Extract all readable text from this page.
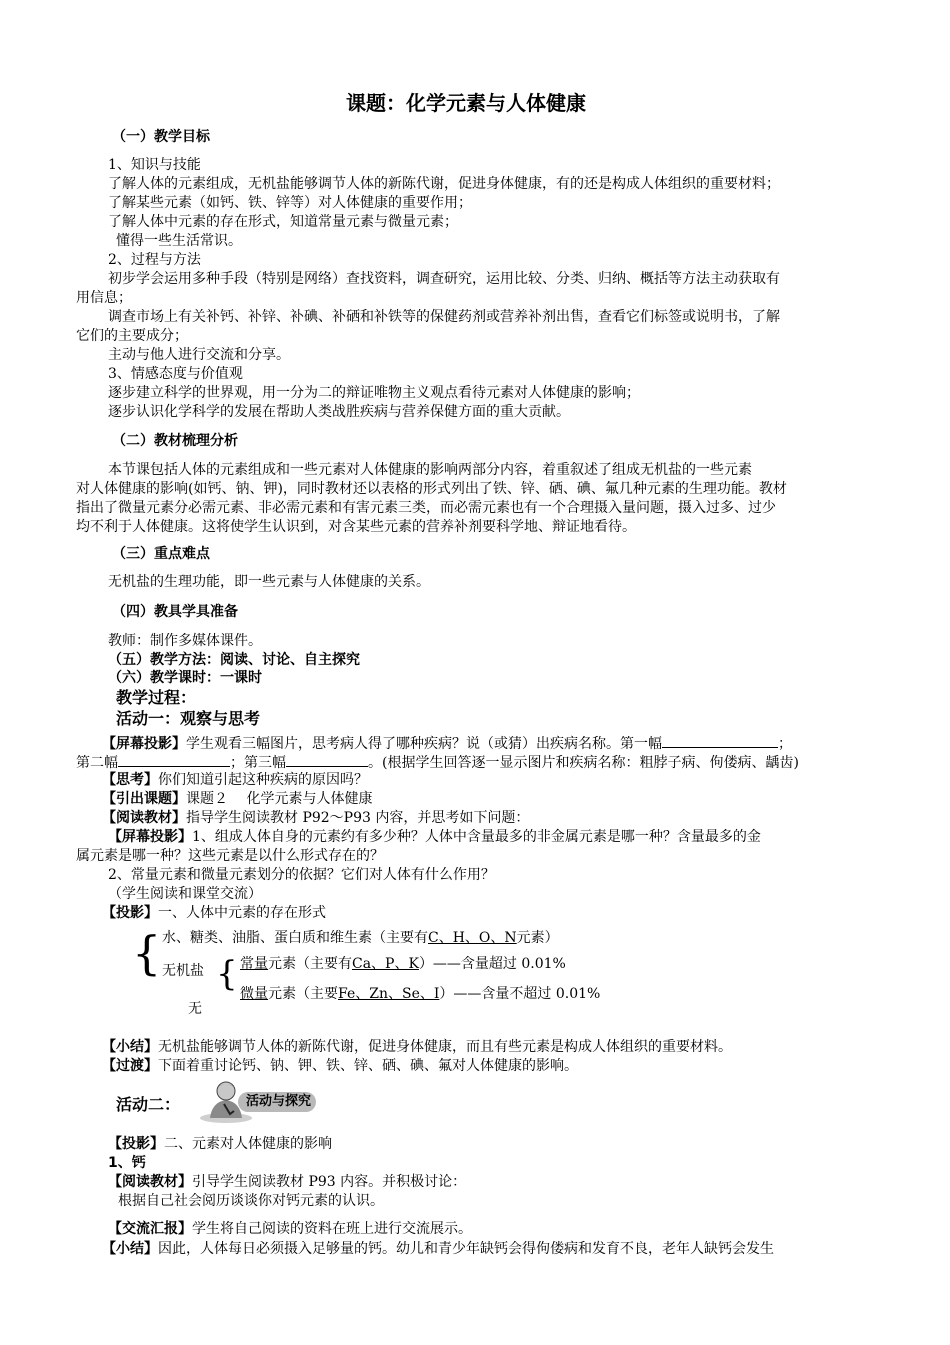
课题：化学元素与人体健康
（一）教学目标
1、知识与技能
了解人体的元素组成，无机盐能够调节人体的新陈代谢，促进身体健康，有的还是构成人体组织的重要材料；
了解某些元素（如钙、铁、锌等）对人体健康的重要作用；
了解人体中元素的存在形式，知道常量元素与微量元素；
懂得一些生活常识。
2、过程与方法
初步学会运用多种手段（特别是网络）查找资料，调查研究，运用比较、分类、归纳、概括等方法主动获取有
用信息；
调查市场上有关补钙、补锌、补碘、补硒和补铁等的保健药剂或营养补剂出售，查看它们标签或说明书，了解
它们的主要成分；
主动与他人进行交流和分享。
3、情感态度与价值观
逐步建立科学的世界观，用一分为二的辩证唯物主义观点看待元素对人体健康的影响；
逐步认识化学科学的发展在帮助人类战胜疾病与营养保健方面的重大贡献。
（二）教材梳理分析
本节课包括人体的元素组成和一些元素对人体健康的影响两部分内容，着重叙述了组成无机盐的一些元素
对人体健康的影响(如钙、钠、钾)，同时教材还以表格的形式列出了铁、锌、硒、碘、氟几种元素的生理功能。教材
指出了微量元素分必需元素、非必需元素和有害元素三类，而必需元素也有一个合理摄入量问题，摄入过多、过少
均不利于人体健康。这将使学生认识到，对含某些元素的营养补剂要科学地、辩证地看待。
（三）重点难点
无机盐的生理功能，即一些元素与人体健康的关系。
（四）教具学具准备
教师：制作多媒体课件。
（五）教学方法：阅读、讨论、自主探究
（六）教学课时：一课时
教学过程：
活动一：观察与思考
【屏幕投影】学生观看三幅图片，思考病人得了哪种疾病？说（或猜）出疾病名称。第一幅	；
第二幅	；第三幅	。(根据学生回答逐一显示图片和疾病名称：粗脖子病、佝偻病、龋齿)
【思考】你们知道引起这种疾病的原因吗？
【引出课题】课题２　 化学元素与人体健康
【阅读教材】指导学生阅读教材 P92～P93 内容，并思考如下问题：
【屏幕投影】1、组成人体自身的元素约有多少种？人体中含量最多的非金属元素是哪一种？含量最多的金
属元素是哪一种？这些元素是以什么形式存在的？
2、常量元素和微量元素划分的依据？它们对人体有什么作用？
（学生阅读和课堂交流）
【投影】一、人体中元素的存在形式
{ 水、糖类、油脂、蛋白质和维生素（主要有C、H、O、N元素）
无机盐 { 常量元素（主要有Ca、P、K）——含量超过 0.01%
微量元素（主要Fe、Zn、Se、I）——含量不超过 0.01%
无
【小结】无机盐能够调节人体的新陈代谢，促进身体健康，而且有些元素是构成人体组织的重要材料。
【过渡】下面着重讨论钙、钠、钾、铁、锌、硒、碘、氟对人体健康的影响。
活动二：	活动与探究
【投影】二、元素对人体健康的影响
1、钙
【阅读教材】引导学生阅读教材 P93 内容。并积极讨论：
根据自己社会阅历谈谈你对钙元素的认识。
【交流汇报】学生将自己阅读的资料在班上进行交流展示。
【小结】因此，人体每日必须摄入足够量的钙。幼儿和青少年缺钙会得佝偻病和发育不良，老年人缺钙会发生
